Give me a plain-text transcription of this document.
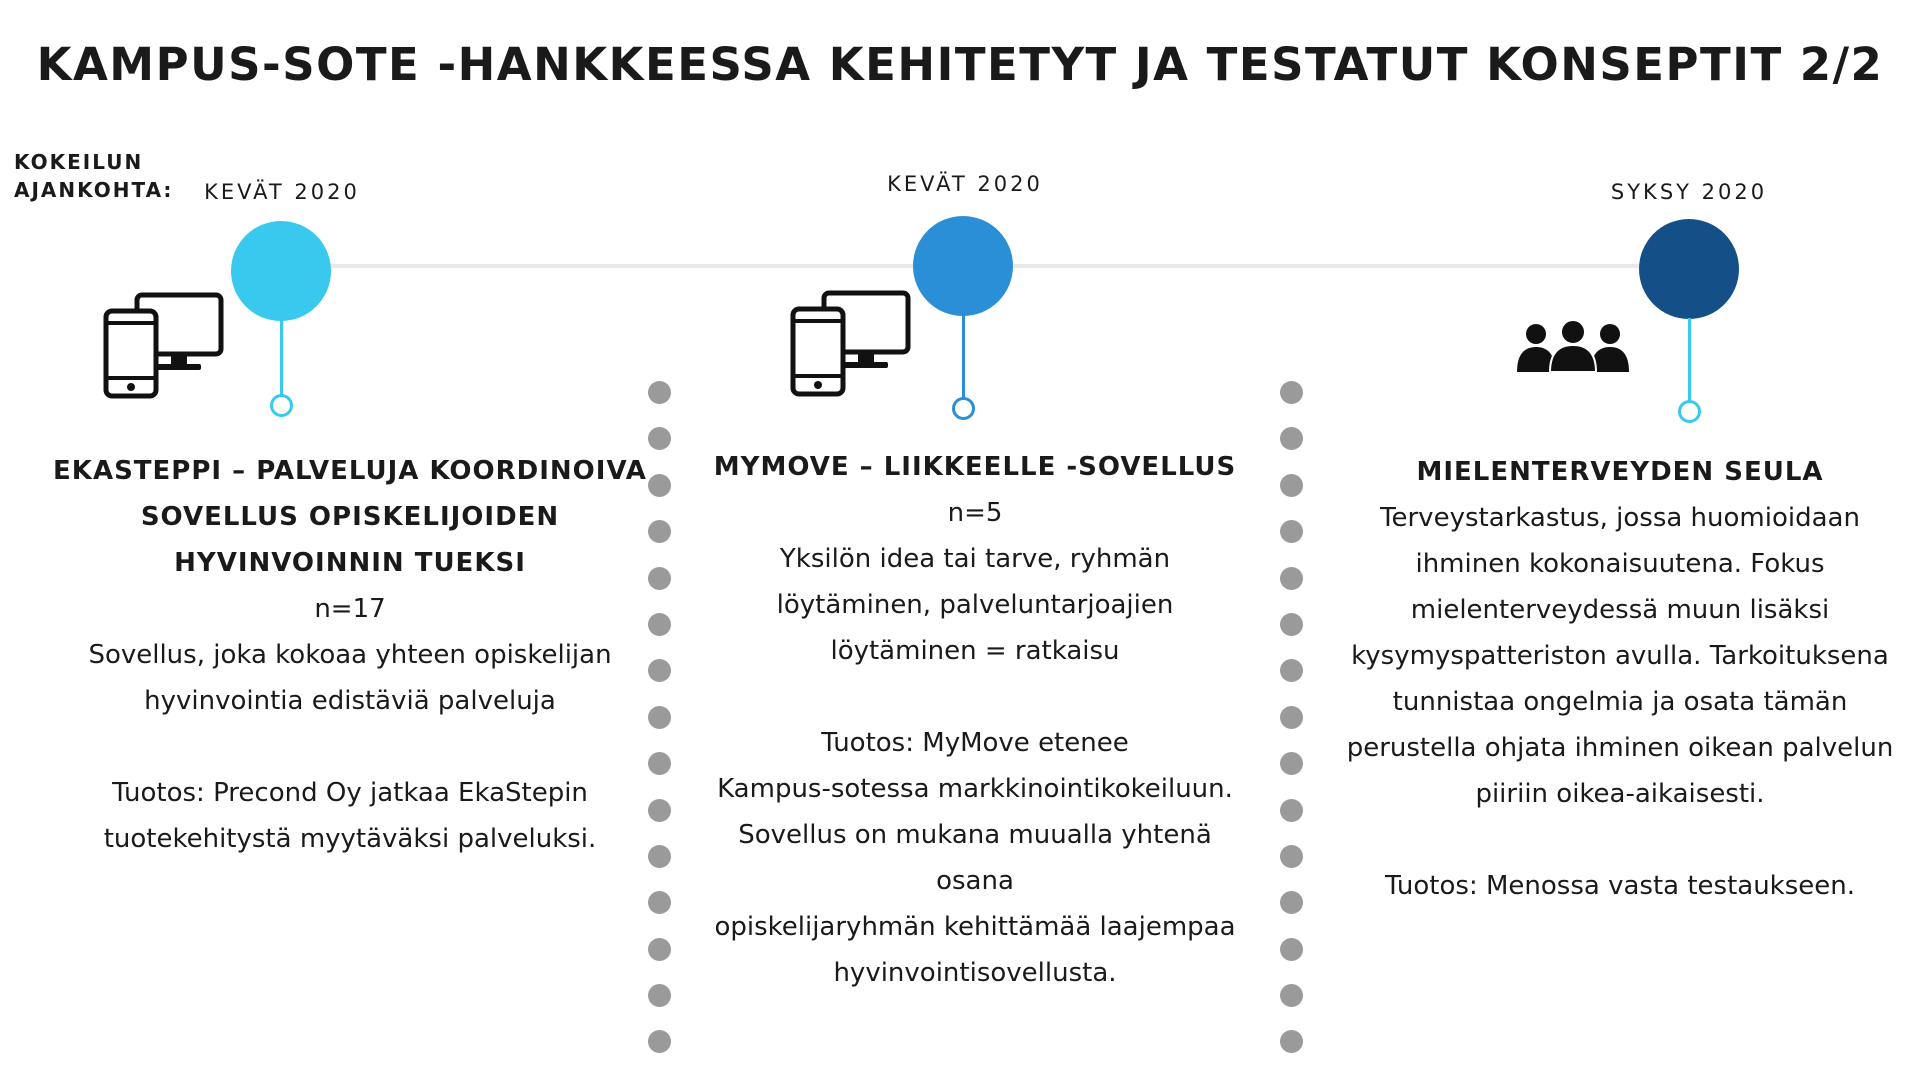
KAMPUS-SOTE -HANKKEESSA KEHITETYT JA TESTATUT KONSEPTIT 2/2
KOKEILUN
AJANKOHTA:	KEVÄT 2020	KEVÄT 2020	SYKSY 2020

EKASTEPPI – PALVELUJA KOORDINOIVA

SOVELLUS OPISKELIJOIDEN

HYVINVOINNIN TUEKSI

n=17

Sovellus, joka kokoaa yhteen opiskelijan

hyvinvointia edistäviä palveluja

Tuotos: Precond Oy jatkaa EkaStepin

tuotekehitystä myytäväksi palveluksi.

MYMOVE – LIIKKEELLE -SOVELLUS

n=5

Yksilön idea tai tarve, ryhmän

löytäminen, palveluntarjoajien

löytäminen = ratkaisu

Tuotos: MyMove etenee

Kampus-sotessa markkinointikokeiluun.

Sovellus on mukana muualla yhtenä

osana

opiskelijaryhmän kehittämää laajempaa

hyvinvointisovellusta.

MIELENTERVEYDEN SEULA

Terveystarkastus, jossa huomioidaan

ihminen kokonaisuutena. Fokus

mielenterveydessä muun lisäksi

kysymyspatteriston avulla. Tarkoituksena

tunnistaa ongelmia ja osata tämän

perustella ohjata ihminen oikean palvelun

piiriin oikea-aikaisesti.

Tuotos: Menossa vasta testaukseen.
